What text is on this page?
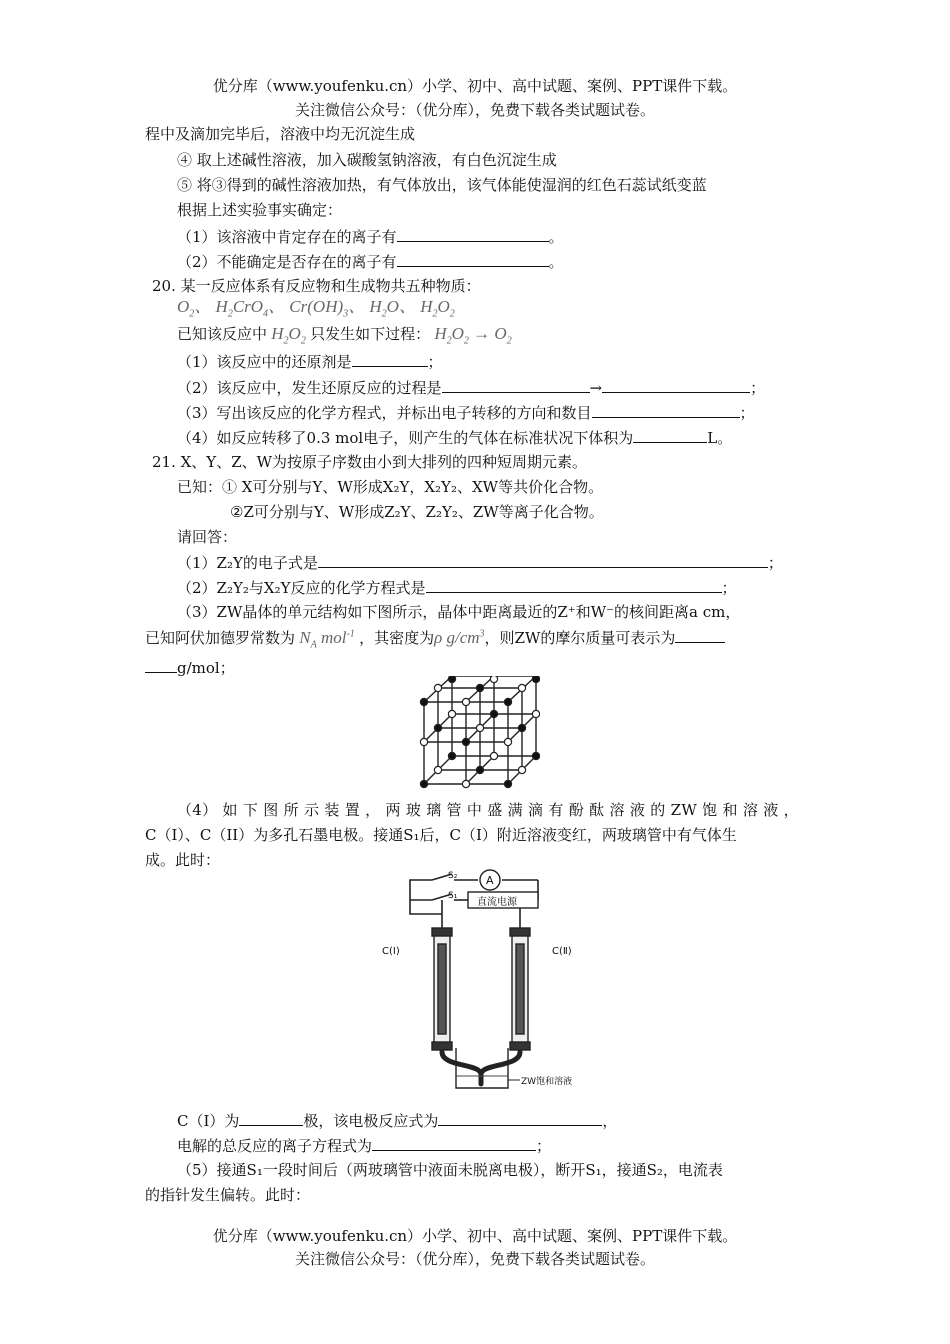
优分库（www.youfenku.cn）小学、初中、高中试题、案例、PPT课件下载。
关注微信公众号：（优分库），免费下载各类试题试卷。
程中及滴加完毕后，溶液中均无沉淀生成
④ 取上述碱性溶液，加入碳酸氢钠溶液，有白色沉淀生成
⑤ 将③得到的碱性溶液加热，有气体放出，该气体能使湿润的红色石蕊试纸变蓝
根据上述实验事实确定：
（1）该溶液中肯定存在的离子有	。
（2）不能确定是否存在的离子有	。
20. 某一反应体系有反应物和生成物共五种物质：
$O_2$、 $H_2CrO_4$、 $Cr(OH)_3$、 $H_2O$、 $H_2O_2$
已知该反应中 $H_2O_2$ 只发生如下过程： $H_2O_2 \to O_2$
（1）该反应中的还原剂是	；
（2）该反应中，发生还原反应的过程是	→	；
（3）写出该反应的化学方程式，并标出电子转移的方向和数目	；
（4）如反应转移了0.3 mol电子，则产生的气体在标准状况下体积为	L。
21. X、Y、Z、W为按原子序数由小到大排列的四种短周期元素。
已知：① X可分别与Y、W形成X₂Y，X₂Y₂、XW等共价化合物。
②Z可分别与Y、W形成Z₂Y、Z₂Y₂、ZW等离子化合物。
请回答：
（1）Z₂Y的电子式是	；
（2）Z₂Y₂与X₂Y反应的化学方程式是	；
（3）ZW晶体的单元结构如下图所示，晶体中距离最近的Z⁺和W⁻的核间距离a cm，
已知阿伏加德罗常数为 $N_A$ mol$^{-1}$ ，其密度为ρ $g/cm^3$，则ZW的摩尔质量可表示为
g/mol；
（4） 如 下 图 所 示 装 置 ， 两 玻 璃 管 中 盛 满 滴 有 酚 酞 溶 液 的 ZW 饱 和 溶 液 ，
C（I）、C（II）为多孔石墨电极。接通S₁后，C（I）附近溶液变红，两玻璃管中有气体生
成。此时：
S₂
S₁
A
直流电源
C(Ⅰ)	C(Ⅱ)
ZW饱和溶液
C（I）为	极，该电极反应式为	，
电解的总反应的离子方程式为	；
（5）接通S₁一段时间后（两玻璃管中液面未脱离电极），断开S₁，接通S₂，电流表
的指针发生偏转。此时：
优分库（www.youfenku.cn）小学、初中、高中试题、案例、PPT课件下载。
关注微信公众号：（优分库），免费下载各类试题试卷。
